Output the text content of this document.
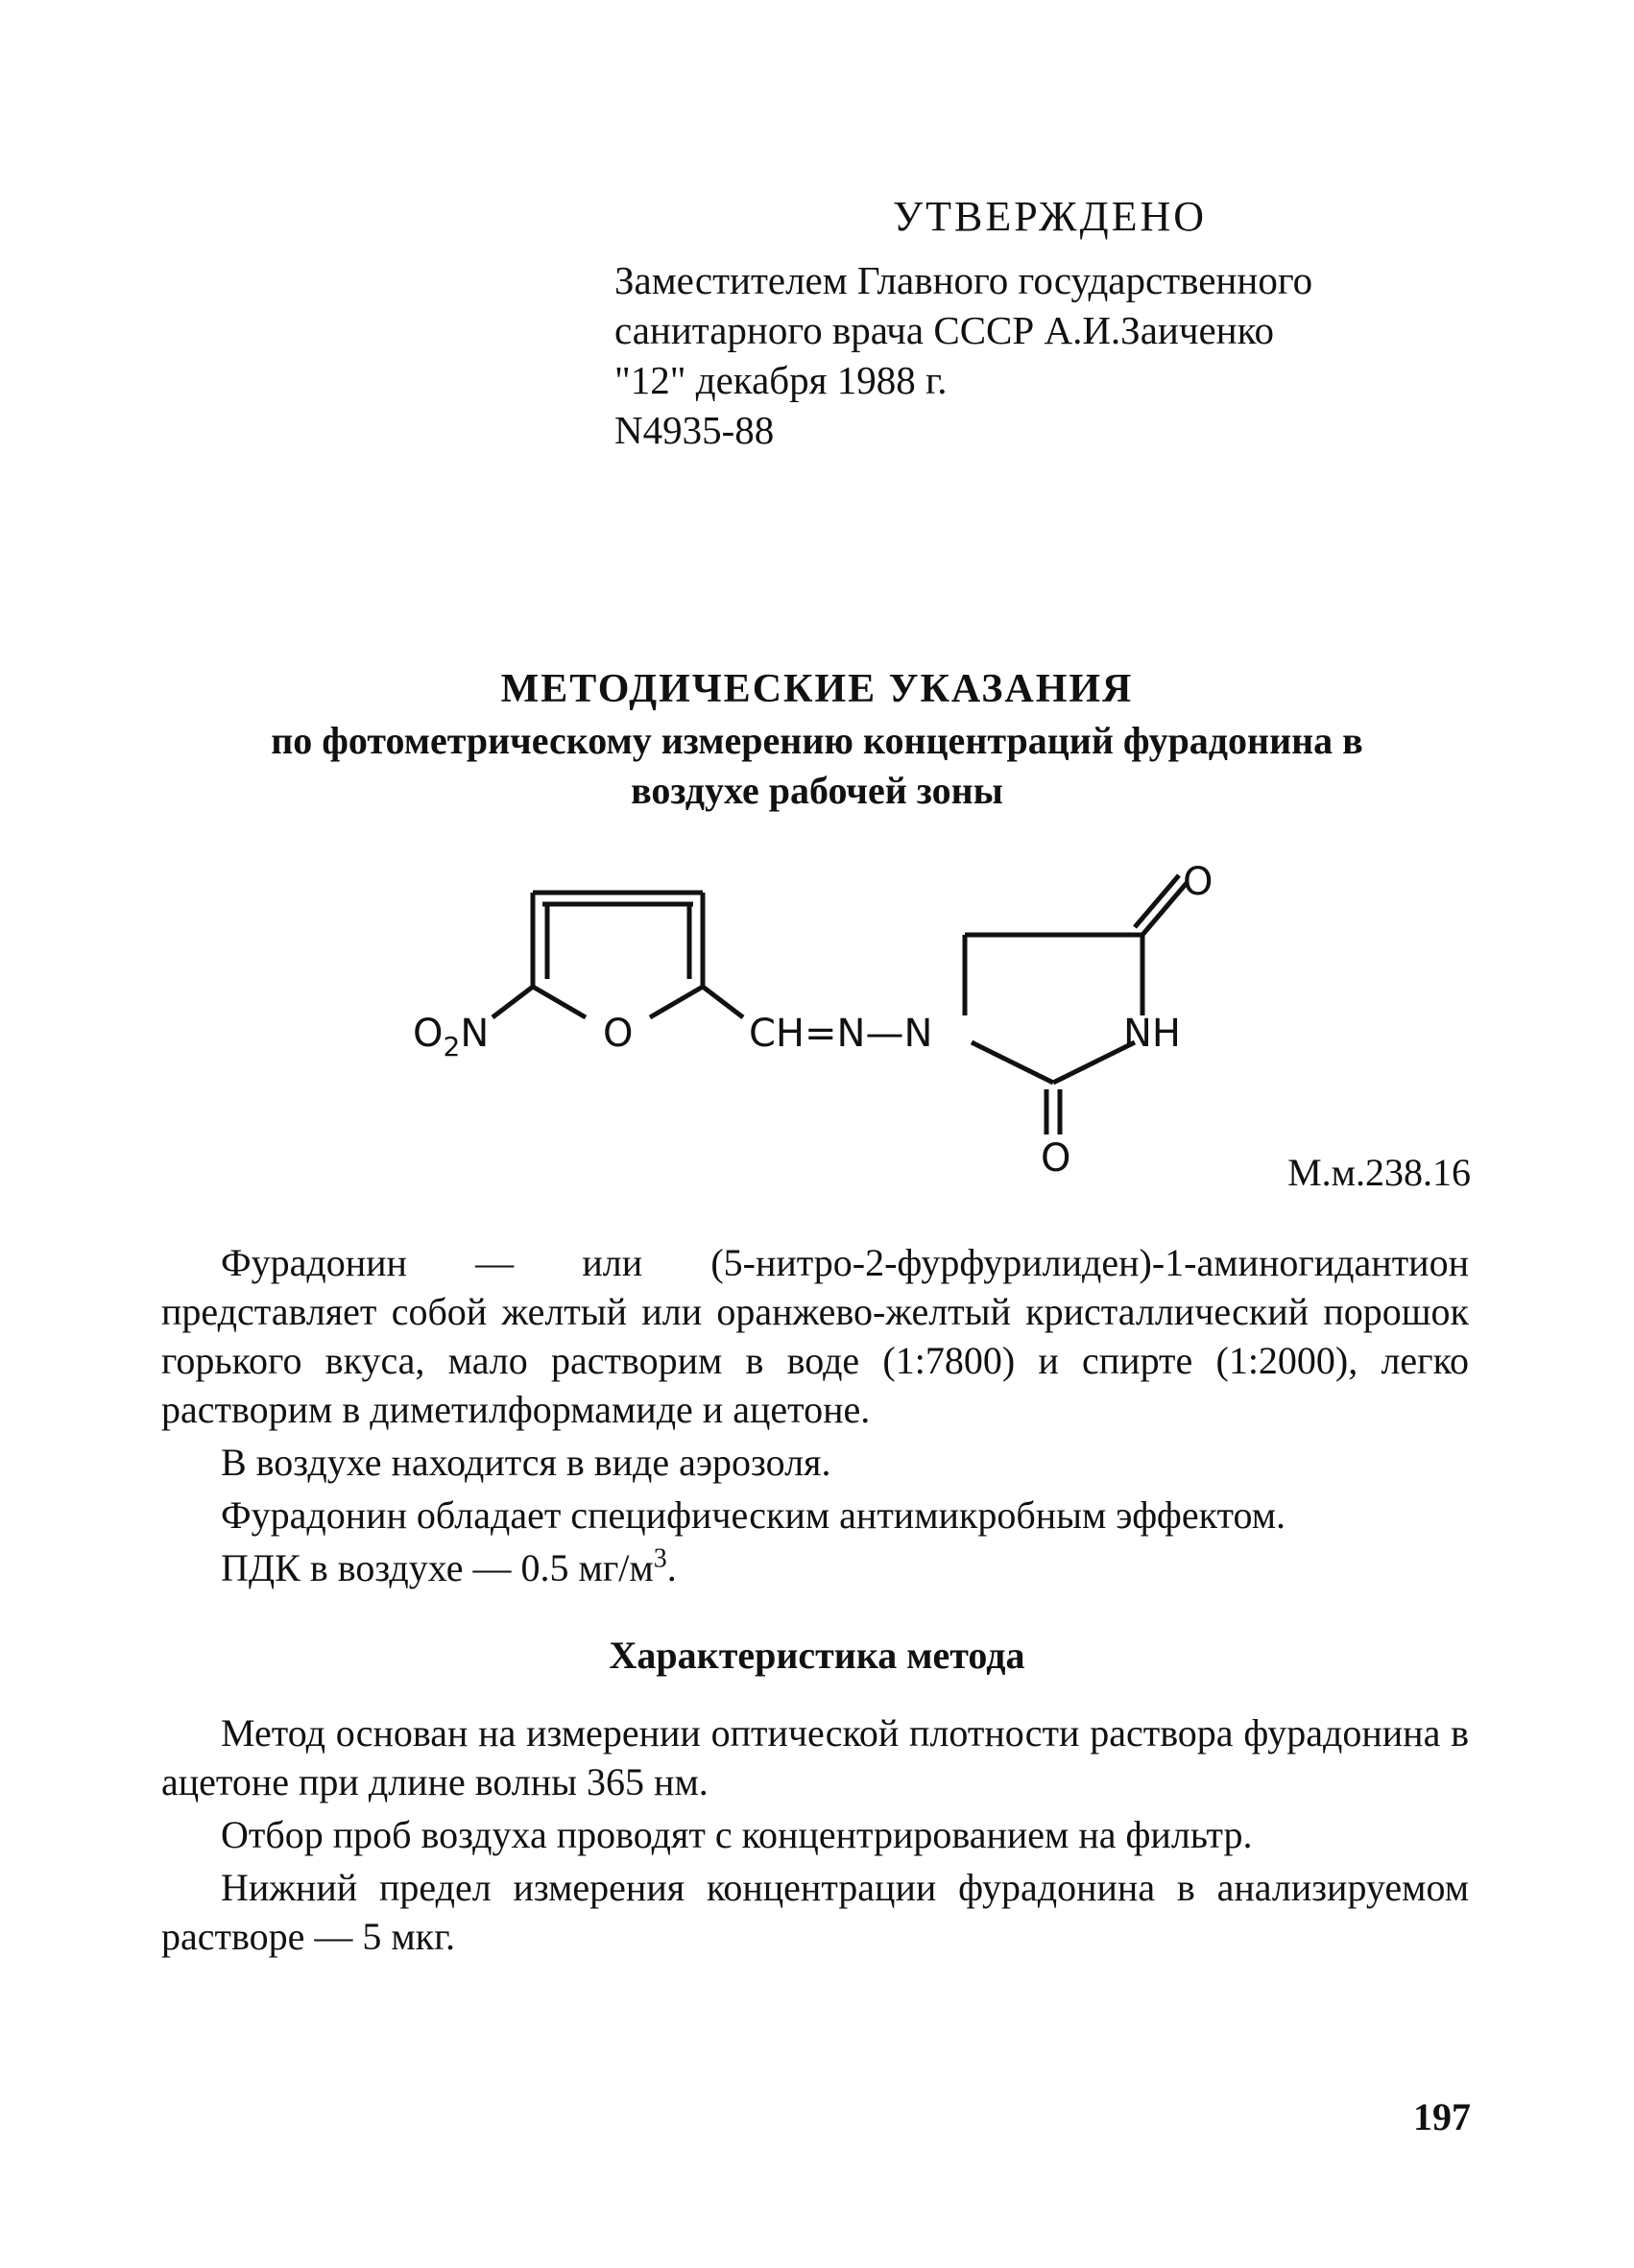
УТВЕРЖДЕНО
Заместителем Главного государственного
санитарного врача СССР А.И.Заиченко
"12" декабря 1988 г.
N4935-88
МЕТОДИЧЕСКИЕ УКАЗАНИЯ
по фотометрическому измерению концентраций фурадонина в
воздухе рабочей зоны
$O_2N$	O	CH=N—N	NH
O
O	М.м.238.16

Фурадонин — или (5-нитро-2-фурфурилиден)-1-аминогидантион представляет собой желтый или оранжево-желтый кристаллический порошок горького вкуса, мало растворим в воде (1:7800) и спирте (1:2000), легко растворим в диметилформамиде и ацетоне.

В воздухе находится в виде аэрозоля.

Фурадонин обладает специфическим антимикробным эффектом.

ПДК в воздухе — 0.5 $мг/м^3$.

Характеристика метода

Метод основан на измерении оптической плотности раствора фурадонина в ацетоне при длине волны 365 нм.

Отбор проб воздуха проводят с концентрированием на фильтр.

Нижний предел измерения концентрации фурадонина в анализируемом растворе — 5 мкг.

197
